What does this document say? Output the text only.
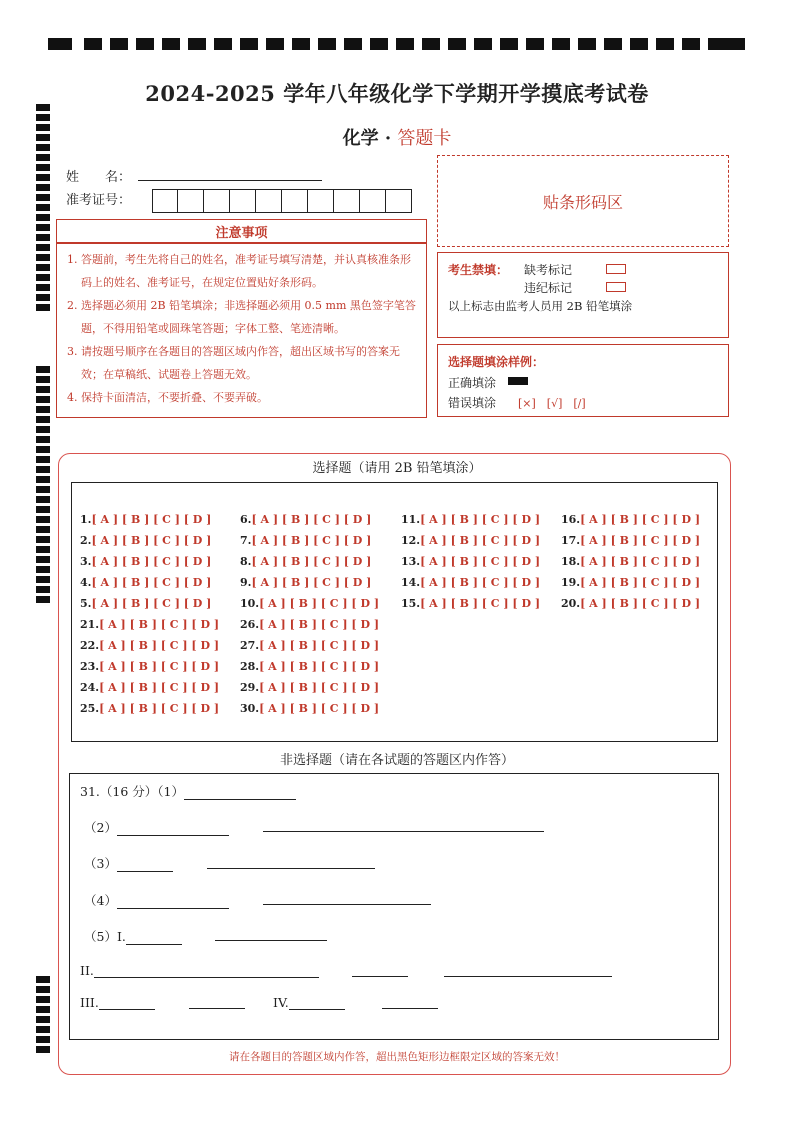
2024-2025 学年八年级化学下学期开学摸底考试卷
化学 · 答题卡
姓　　名：
准考证号：	贴条形码区
注意事项
1. 答题前，考生先将自己的姓名，准考证号填写清楚，并认真核准条形码上的姓名、准考证号，在规定位置贴好条形码。
2. 选择题必须用 2B 铅笔填涂；非选择题必须用 0.5 mm 黑色签字笔答题，不得用铅笔或圆珠笔答题；字体工整、笔迹清晰。
3. 请按题号顺序在各题目的答题区域内作答，超出区域书写的答案无效；在草稿纸、试题卷上答题无效。
4. 保持卡面清洁，不要折叠、不要弄破。
考生禁填： 缺考标记
违纪标记
以上标志由监考人员用 2B 铅笔填涂
选择题填涂样例：
正确填涂
错误填涂 [×]　[√]　[/]
选择题（请用 2B 铅笔填涂）
1.[ A ] [ B ] [ C ] [ D ]
2.[ A ] [ B ] [ C ] [ D ]
3.[ A ] [ B ] [ C ] [ D ]
4.[ A ] [ B ] [ C ] [ D ]
5.[ A ] [ B ] [ C ] [ D ]
21.[ A ] [ B ] [ C ] [ D ]
22.[ A ] [ B ] [ C ] [ D ]
23.[ A ] [ B ] [ C ] [ D ]
24.[ A ] [ B ] [ C ] [ D ]
25.[ A ] [ B ] [ C ] [ D ]
6.[ A ] [ B ] [ C ] [ D ]
7.[ A ] [ B ] [ C ] [ D ]
8.[ A ] [ B ] [ C ] [ D ]
9.[ A ] [ B ] [ C ] [ D ]
10.[ A ] [ B ] [ C ] [ D ]
26.[ A ] [ B ] [ C ] [ D ]
27.[ A ] [ B ] [ C ] [ D ]
28.[ A ] [ B ] [ C ] [ D ]
29.[ A ] [ B ] [ C ] [ D ]
30.[ A ] [ B ] [ C ] [ D ]
11.[ A ] [ B ] [ C ] [ D ]
12.[ A ] [ B ] [ C ] [ D ]
13.[ A ] [ B ] [ C ] [ D ]
14.[ A ] [ B ] [ C ] [ D ]
15.[ A ] [ B ] [ C ] [ D ]
16.[ A ] [ B ] [ C ] [ D ]
17.[ A ] [ B ] [ C ] [ D ]
18.[ A ] [ B ] [ C ] [ D ]
19.[ A ] [ B ] [ C ] [ D ]
20.[ A ] [ B ] [ C ] [ D ]
非选择题（请在各试题的答题区内作答）
31.（16 分）（1）
（2）
（3）
（4）
（5）I.
II.
III.	IV.
请在各题目的答题区域内作答，超出黑色矩形边框限定区域的答案无效！
